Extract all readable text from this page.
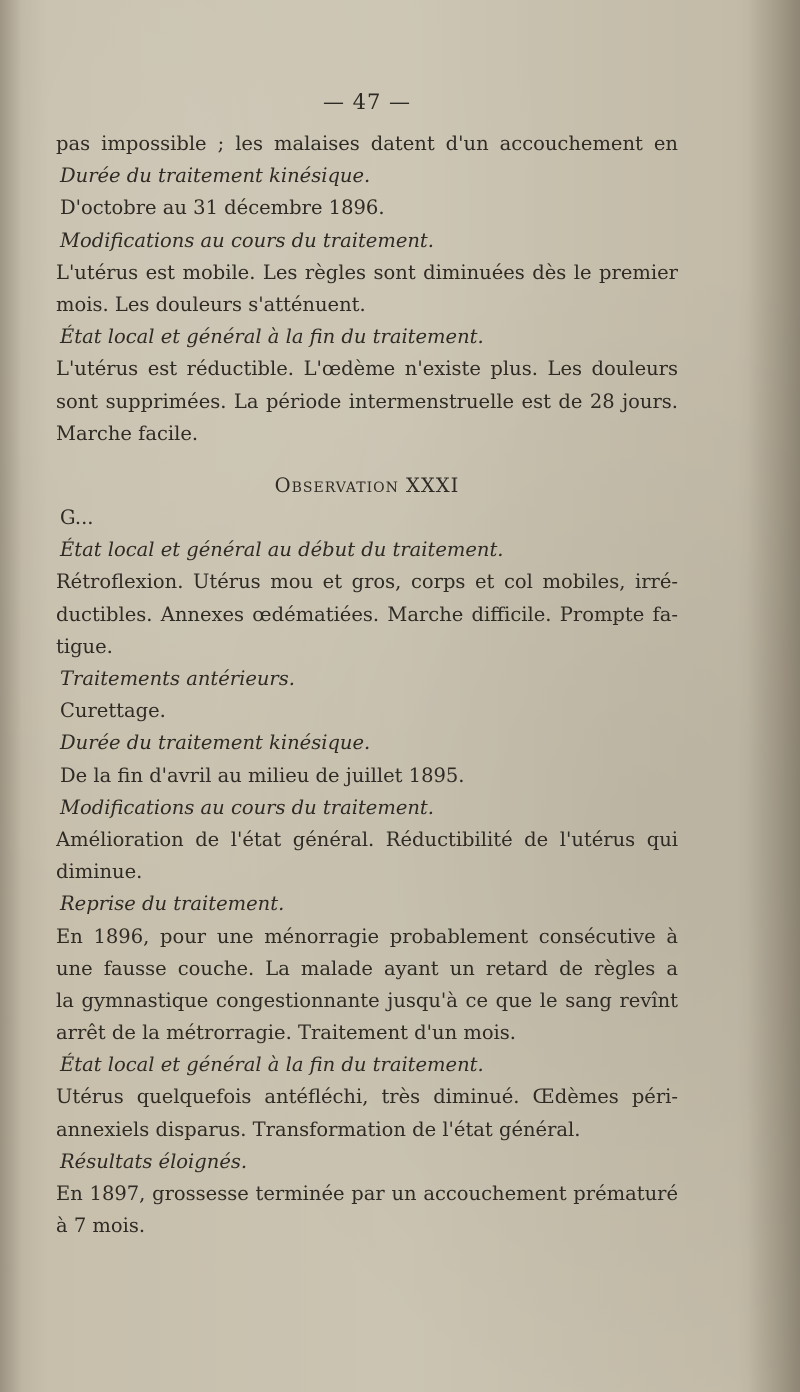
— 47 —
pas impossible ; les malaises datent d'un accouchement en
Durée du traitement kinésique.
D'octobre au 31 décembre 1896.
Modifications au cours du traitement.
L'utérus est mobile. Les règles sont diminuées dès le premier
mois. Les douleurs s'atténuent.
État local et général à la fin du traitement.
L'utérus est réductible. L'œdème n'existe plus. Les douleurs
sont supprimées. La période intermenstruelle est de 28 jours.
Marche facile.
Observation XXXI
G...
État local et général au début du traitement.
Rétroflexion. Utérus mou et gros, corps et col mobiles, irré-
ductibles. Annexes œdématiées. Marche difficile. Prompte fa-
tigue.
Traitements antérieurs.
Curettage.
Durée du traitement kinésique.
De la fin d'avril au milieu de juillet 1895.
Modifications au cours du traitement.
Amélioration de l'état général. Réductibilité de l'utérus qui
diminue.
Reprise du traitement.
En 1896, pour une ménorragie probablement consécutive à
une fausse couche. La malade ayant un retard de règles a
la gymnastique congestionnante jusqu'à ce que le sang revînt
arrêt de la métrorragie. Traitement d'un mois.
État local et général à la fin du traitement.
Utérus quelquefois antéfléchi, très diminué. Œdèmes péri-
annexiels disparus. Transformation de l'état général.
Résultats éloignés.
En 1897, grossesse terminée par un accouchement prématuré
à 7 mois.
